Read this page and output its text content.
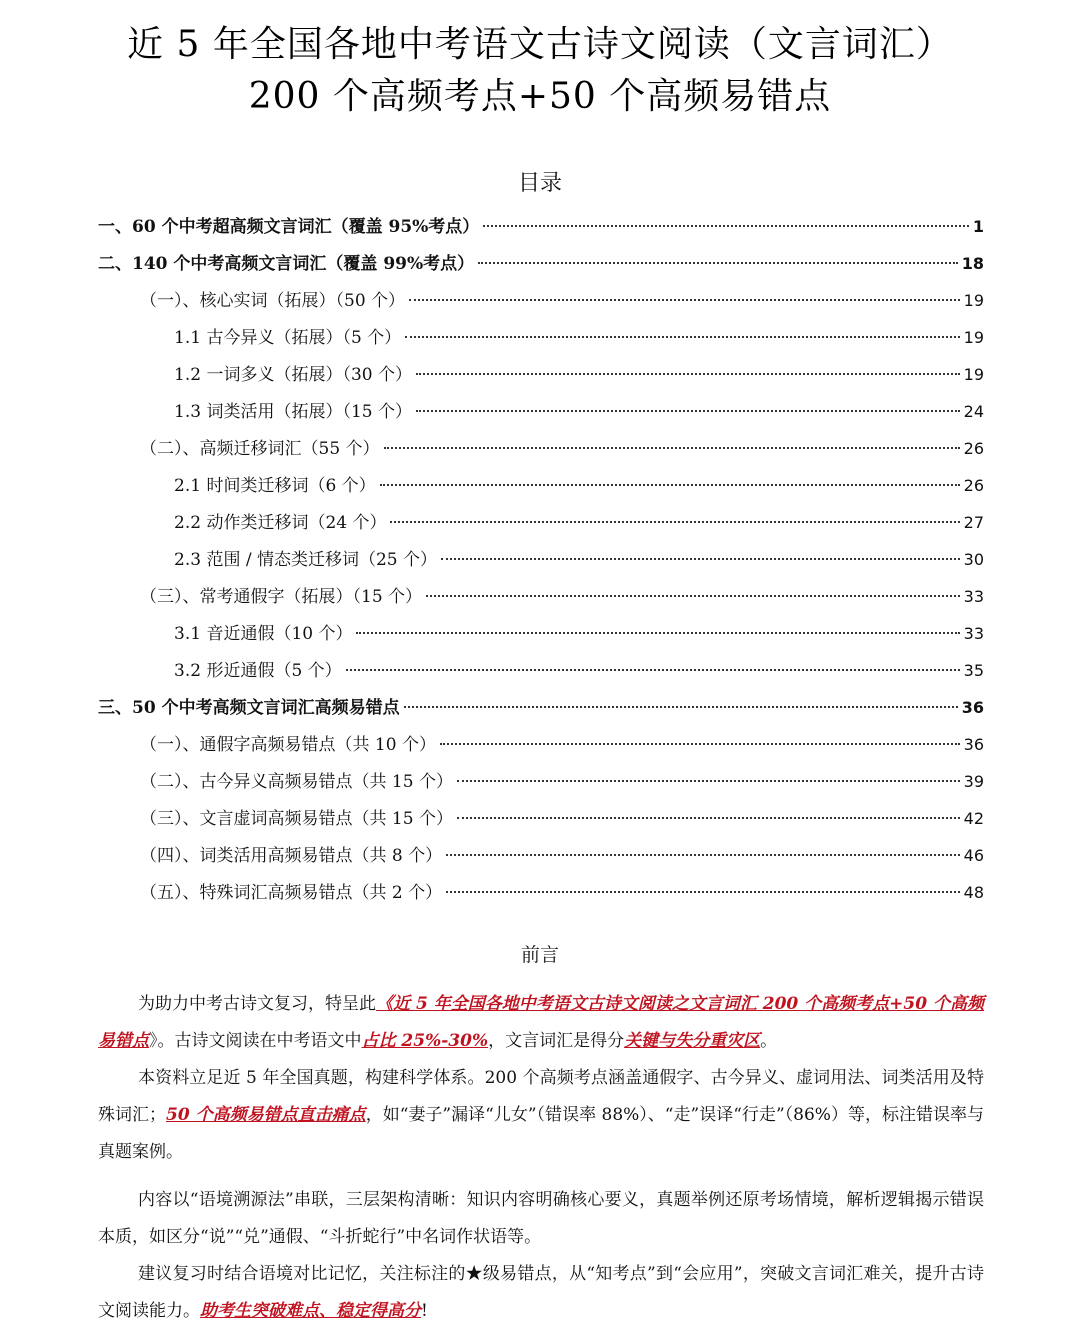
近 5 年全国各地中考语文古诗文阅读（文言词汇）
200 个高频考点+50 个高频易错点
目录
一、60 个中考超高频文言词汇（覆盖 95%考点）	1
二、140 个中考高频文言词汇（覆盖 99%考点）	18
（一）、核心实词（拓展）（50 个）	19
1.1 古今异义（拓展）（5 个）	19
1.2 一词多义（拓展）（30 个）	19
1.3 词类活用（拓展）（15 个）	24
（二）、高频迁移词汇（55 个）	26
2.1 时间类迁移词（6 个）	26
2.2 动作类迁移词（24 个）	27
2.3 范围 / 情态类迁移词（25 个）	30
（三）、常考通假字（拓展）（15 个）	33
3.1 音近通假（10 个）	33
3.2 形近通假（5 个）	35
三、50 个中考高频文言词汇高频易错点	36
（一）、通假字高频易错点（共 10 个）	36
（二）、古今异义高频易错点（共 15 个）	39
（三）、文言虚词高频易错点（共 15 个）	42
（四）、词类活用高频易错点（共 8 个）	46
（五）、特殊词汇高频易错点（共 2 个）	48
前言
为助力中考古诗文复习，特呈此《近 5 年全国各地中考语文古诗文阅读之文言词汇 200 个高频考点+50 个高频易错点》。古诗文阅读在中考语文中占比 25%-30%，文言词汇是得分关键与失分重灾区。
本资料立足近 5 年全国真题，构建科学体系。200 个高频考点涵盖通假字、古今异义、虚词用法、词类活用及特殊词汇；50 个高频易错点直击痛点，如“妻子”漏译“儿女”（错误率 88%）、“走”误译“行走”（86%）等，标注错误率与真题案例。
内容以“语境溯源法”串联，三层架构清晰：知识内容明确核心要义，真题举例还原考场情境，解析逻辑揭示错误本质，如区分“说”“兑”通假、“斗折蛇行”中名词作状语等。
建议复习时结合语境对比记忆，关注标注的★级易错点，从“知考点”到“会应用”，突破文言词汇难关，提升古诗文阅读能力。助考生突破难点、稳定得高分!
